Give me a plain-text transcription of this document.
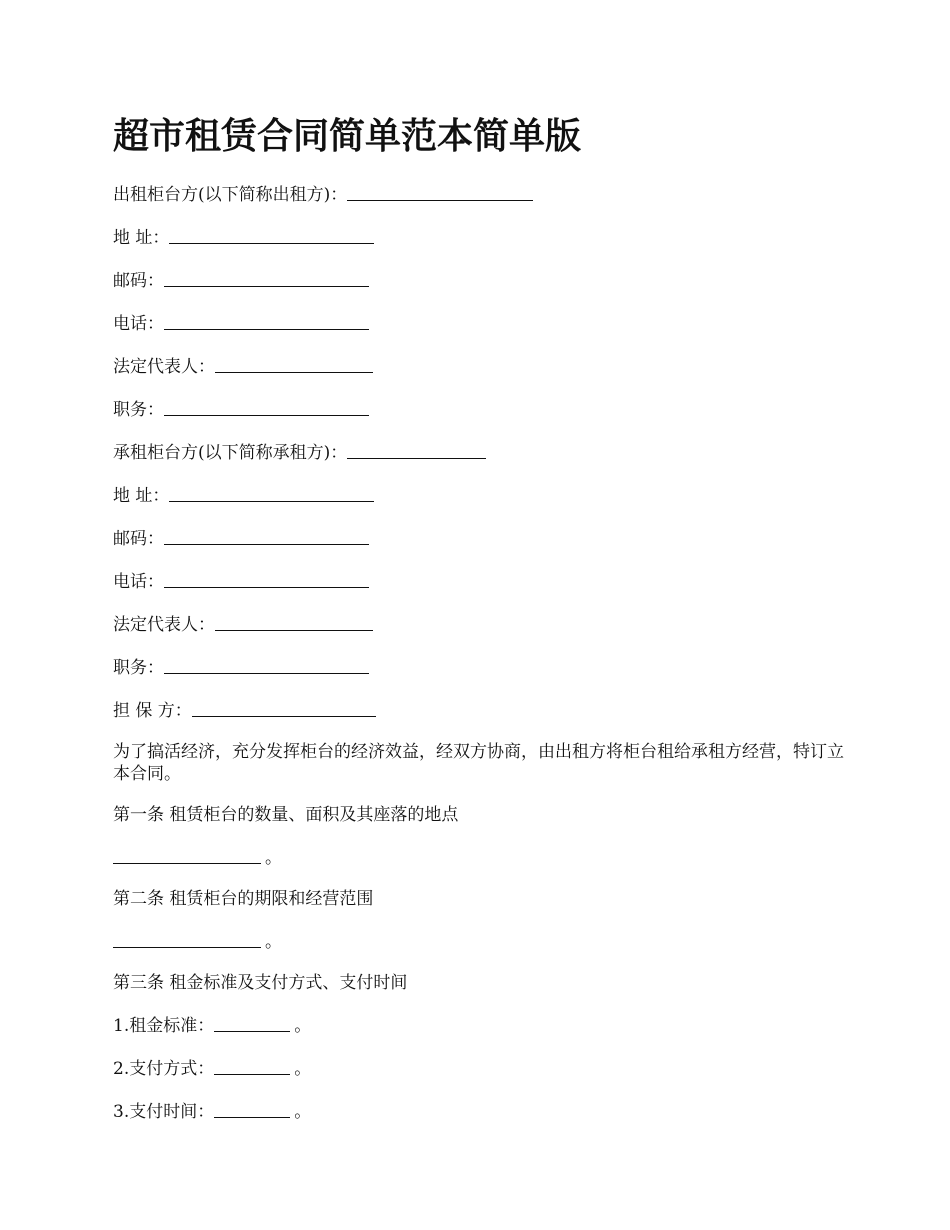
超市租赁合同简单范本简单版
出租柜台方(以下简称出租方)：
地 址：
邮码：
电话：
法定代表人：
职务：
承租柜台方(以下简称承租方)：
地 址：
邮码：
电话：
法定代表人：
职务：
担 保 方：

为了搞活经济，充分发挥柜台的经济效益，经双方协商，由出租方将柜台租给承租方经营，特订立本合同。

第一条 租赁柜台的数量、面积及其座落的地点
。
第二条 租赁柜台的期限和经营范围
。
第三条 租金标准及支付方式、支付时间
1.租金标准：	。
2.支付方式：	。
3.支付时间：	。
